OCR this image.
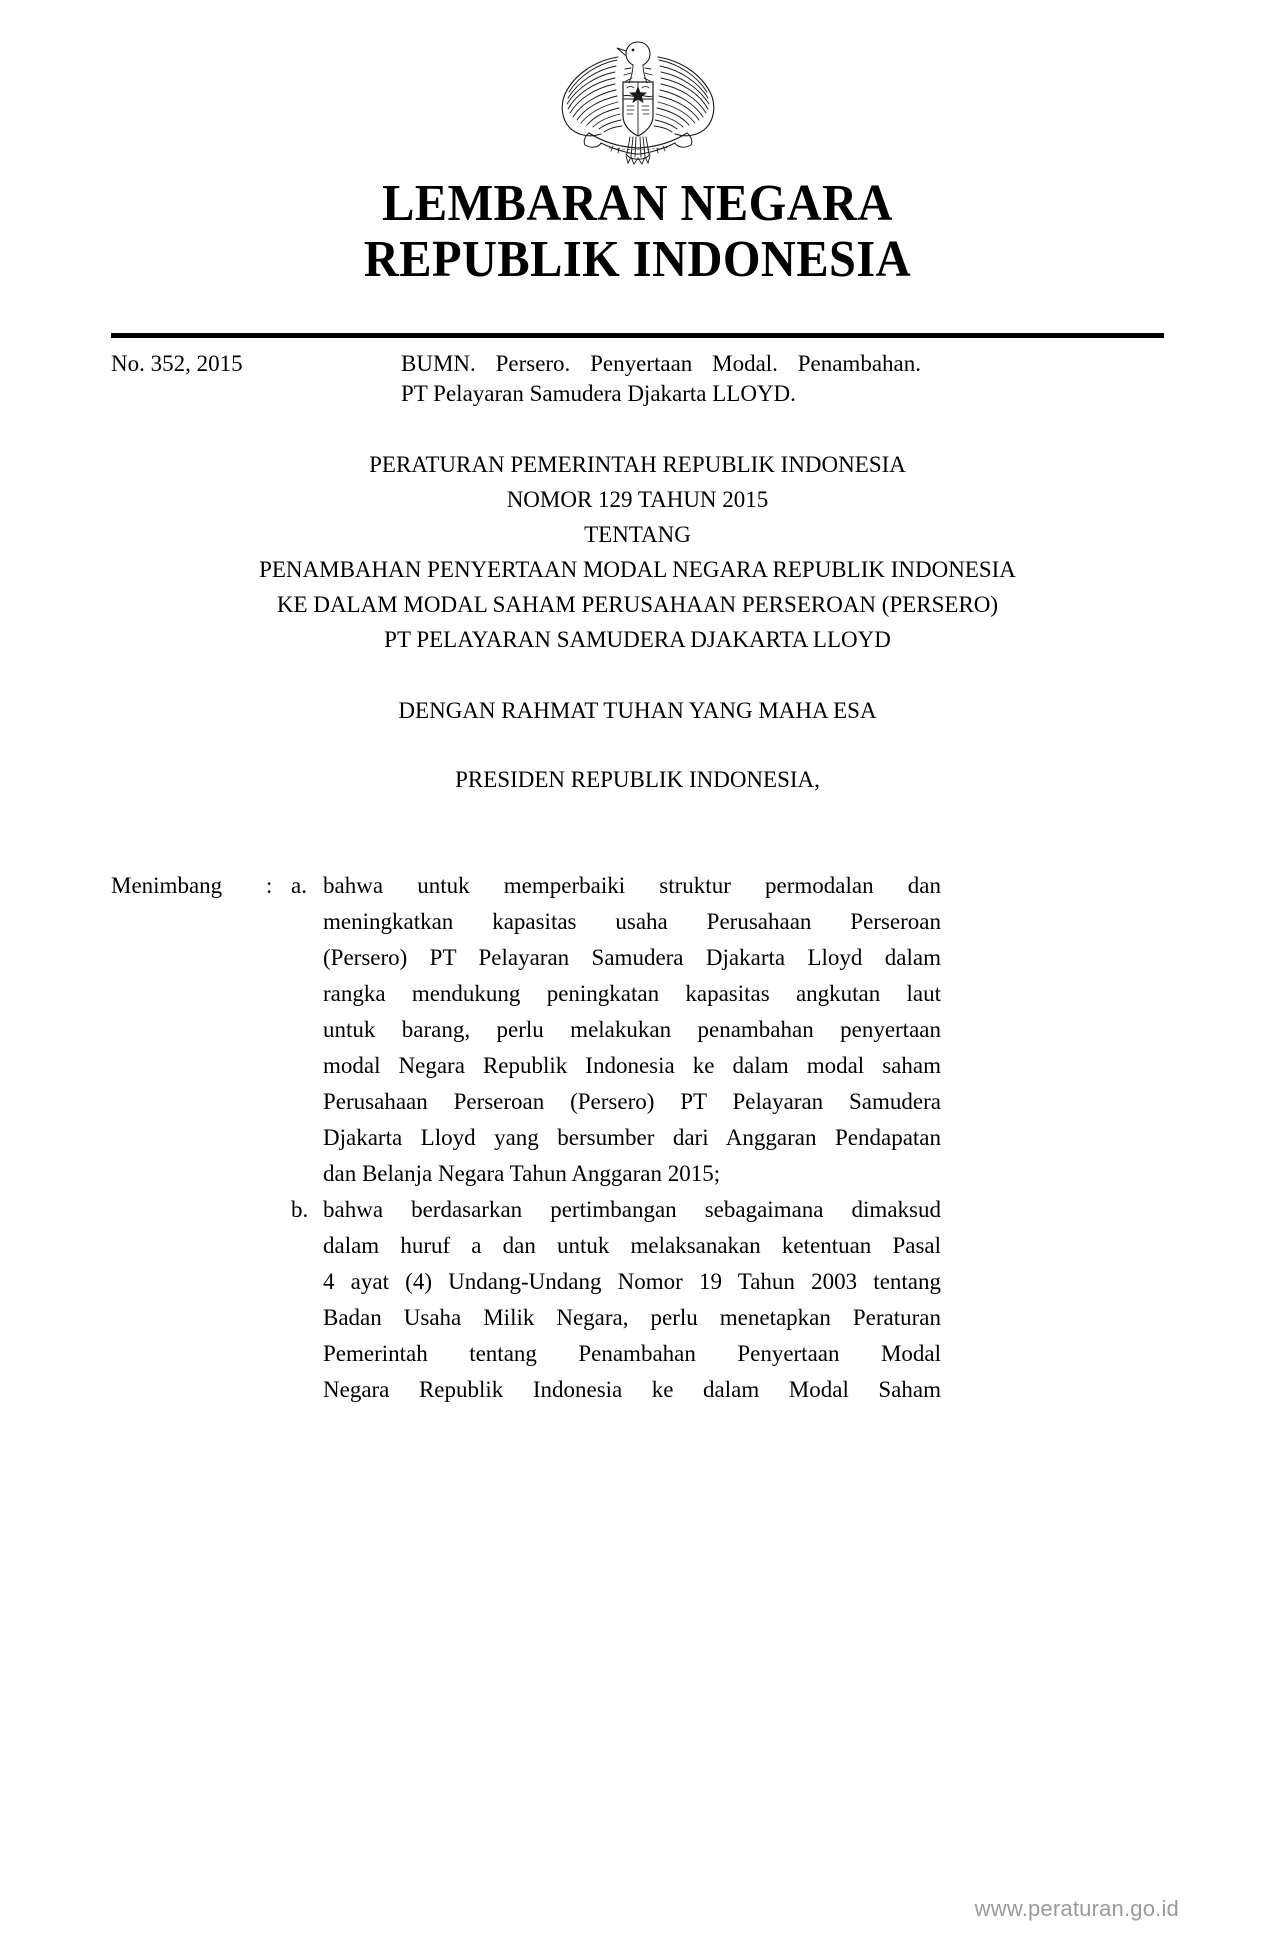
LEMBARAN NEGARA
REPUBLIK INDONESIA
No. 352, 2015	BUMN. Persero. Penyertaan Modal. Penambahan.
PT Pelayaran Samudera Djakarta LLOYD.
PERATURAN PEMERINTAH REPUBLIK INDONESIA
NOMOR 129 TAHUN 2015
TENTANG
PENAMBAHAN PENYERTAAN MODAL NEGARA REPUBLIK INDONESIA
KE DALAM MODAL SAHAM PERUSAHAAN PERSEROAN (PERSERO)
PT PELAYARAN SAMUDERA DJAKARTA LLOYD
DENGAN RAHMAT TUHAN YANG MAHA ESA
PRESIDEN REPUBLIK INDONESIA,
Menimbang	: a. bahwa untuk memperbaiki struktur permodalan dan

meningkatkan kapasitas usaha Perusahaan Perseroan

(Persero) PT Pelayaran Samudera Djakarta Lloyd dalam

rangka mendukung peningkatan kapasitas angkutan laut

untuk barang, perlu melakukan penambahan penyertaan

modal Negara Republik Indonesia ke dalam modal saham

Perusahaan Perseroan (Persero) PT Pelayaran Samudera

Djakarta Lloyd yang bersumber dari Anggaran Pendapatan

dan Belanja Negara Tahun Anggaran 2015;

b. bahwa berdasarkan pertimbangan sebagaimana dimaksud

dalam huruf a dan untuk melaksanakan ketentuan Pasal

4 ayat (4) Undang-Undang Nomor 19 Tahun 2003 tentang

Badan Usaha Milik Negara, perlu menetapkan Peraturan

Pemerintah tentang Penambahan Penyertaan Modal

Negara Republik Indonesia ke dalam Modal Saham

www.peraturan.go.id
